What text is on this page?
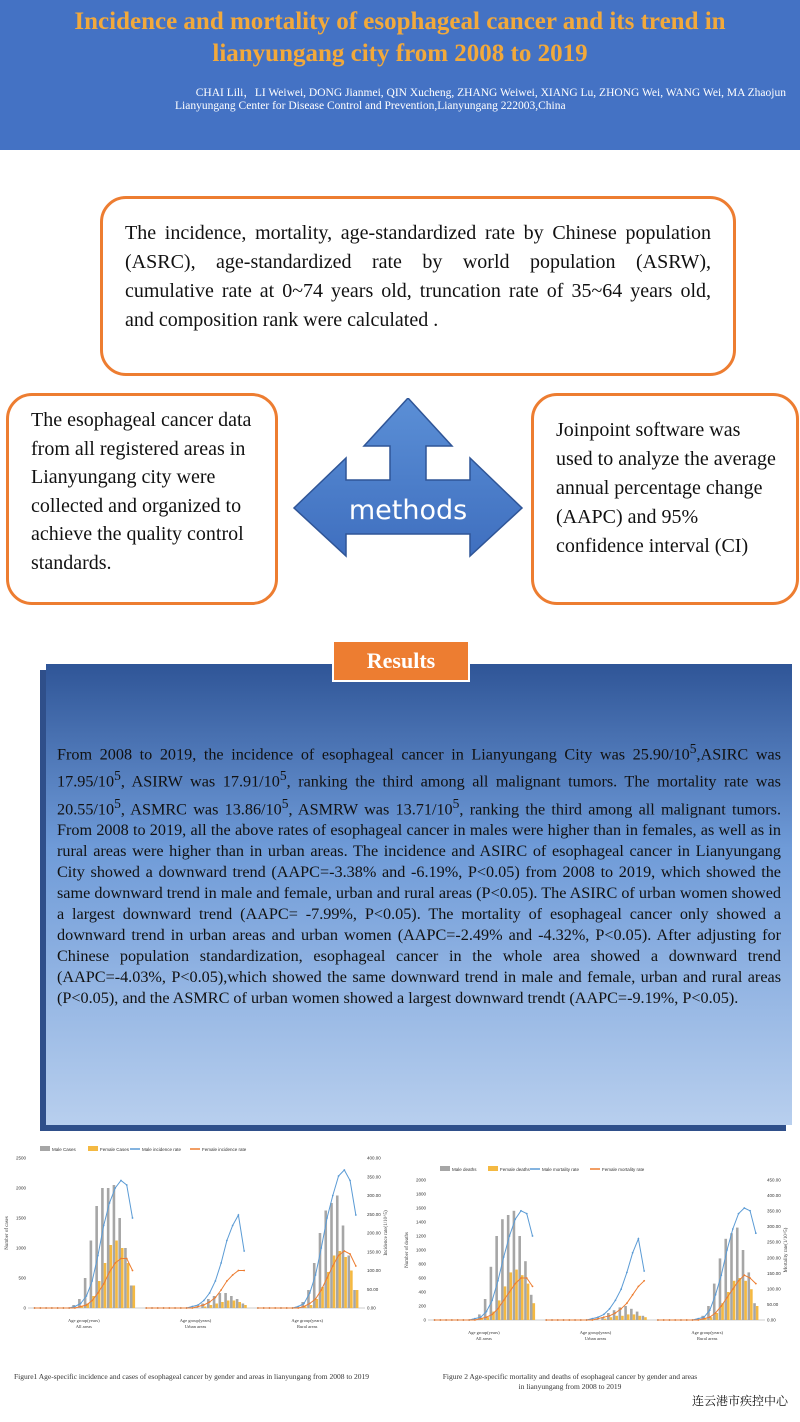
Incidence and mortality of esophageal cancer and its trend in
lianyungang city from 2008 to 2019
CHAI Lili，LI Weiwei, DONG Jianmei, QIN Xucheng, ZHANG Weiwei, XIANG Lu, ZHONG Wei, WANG Wei, MA Zhaojun
Lianyungang Center for Disease Control and Prevention,Lianyungang 222003,China
The incidence, mortality, age-standardized rate by Chinese population (ASRC), age-standardized rate by world population (ASRW), cumulative rate at 0~74 years old, truncation rate of 35~64 years old, and composition rank were calculated .
The esophageal cancer data from all registered areas in Lianyungang city were collected and organized to achieve the quality control standards.
Joinpoint software was used to analyze the average annual percentage change (AAPC) and 95% confidence interval (CI)
methods
Results
From 2008 to 2019, the incidence of esophageal cancer in Lianyungang City was $25.90/10^5,ASIRC$ was $17.95/10^5$, ASIRW was $17.91/10^5$, ranking the third among all malignant tumors. The mortality rate was $20.55/10^5$, ASMRC was $13.86/10^5$, ASMRW was $13.71/10^5$, ranking the third among all malignant tumors. From 2008 to 2019, all the above rates of esophageal cancer in males were higher than in females, as well as in rural areas were higher than in urban areas. The incidence and ASIRC of esophageal cancer in Lianyungang City showed a downward trend (AAPC=-3.38% and -6.19%, P<0.05) from 2008 to 2019, which showed the same downward trend in male and female, urban and rural areas (P<0.05). The ASIRC of urban women showed a largest downward trend (AAPC= -7.99%, P<0.05). The mortality of esophageal cancer only showed a downward trend in urban areas and urban women (AAPC=-2.49% and -4.32%, P<0.05). After adjusting for Chinese population standardization, esophageal cancer in the whole area showed a downward trend (AAPC=-4.03%, P<0.05),which showed the same downward trend in male and female, urban and rural areas (P<0.05), and the ASMRC of urban women showed a largest downward trendt (AAPC=-9.19%, P<0.05).
Male Cases	Female Cases	Male incidence rate	Female incidence rate
0
500
1000
1500
2000
2500
0.00
50.00
100.00
150.00
200.00
250.00
300.00
350.00
400.00
Number of cases	Incidence rate(1/10^5)
Age group(years)
All areas
Age group(years)
Urban areas
Age group(years)
Rural areas
Figure1 Age-specific incidence and cases of esophageal cancer by gender and areas in lianyungang from 2008 to 2019
Male deaths	Female deaths	Male mortality rate	Female mortality rate
0
200
400
600
800
1000
1200
1400
1600
1800
2000
0.00
50.00
100.00
150.00
200.00
250.00
300.00
350.00
400.00
450.00
Number of deaths	Mortality rate(1/10^5)
Age group(years)
All areas
Age group(years)
Urban areas
Age group(years)
Rural areas
Figure 2 Age-specific mortality and deaths of esophageal cancer by gender and areas in lianyungang from 2008 to 2019
连云港市疾控中心
